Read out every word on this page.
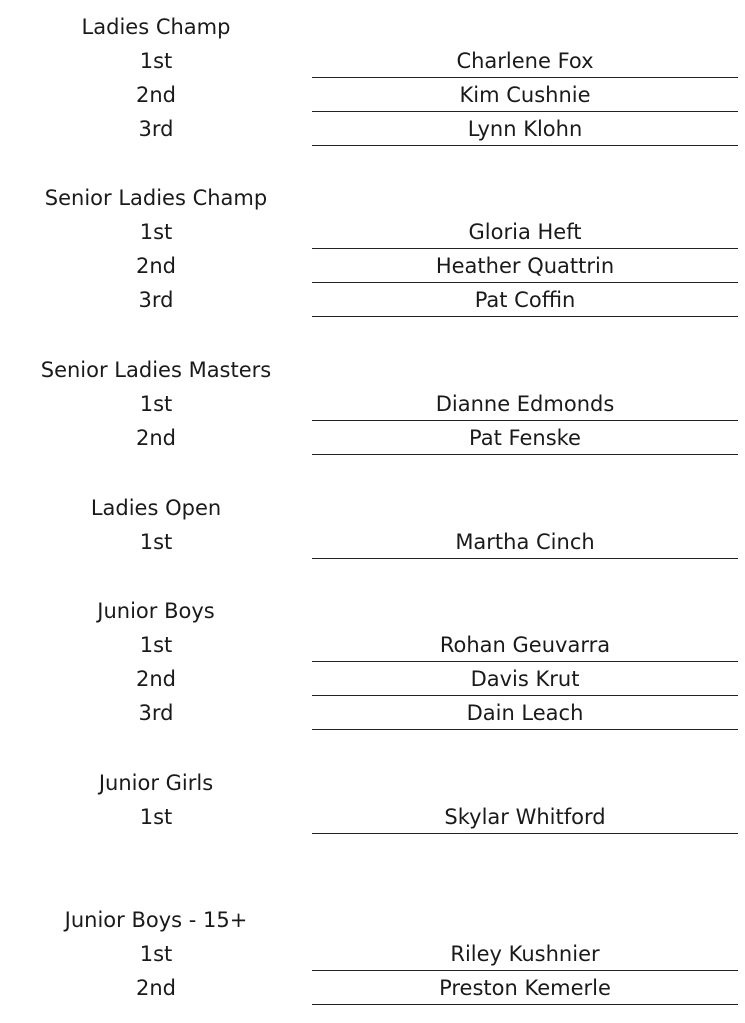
Ladies Champ
1st	Charlene Fox
2nd	Kim Cushnie
3rd	Lynn Klohn
Senior Ladies Champ
1st	Gloria Heft
2nd	Heather Quattrin
3rd	Pat Coffin
Senior Ladies Masters
1st	Dianne Edmonds
2nd	Pat Fenske
Ladies Open
1st	Martha Cinch
Junior Boys
1st	Rohan Geuvarra
2nd	Davis Krut
3rd	Dain Leach
Junior Girls
1st	Skylar Whitford
Junior Boys - 15+
1st	Riley Kushnier
2nd	Preston Kemerle
